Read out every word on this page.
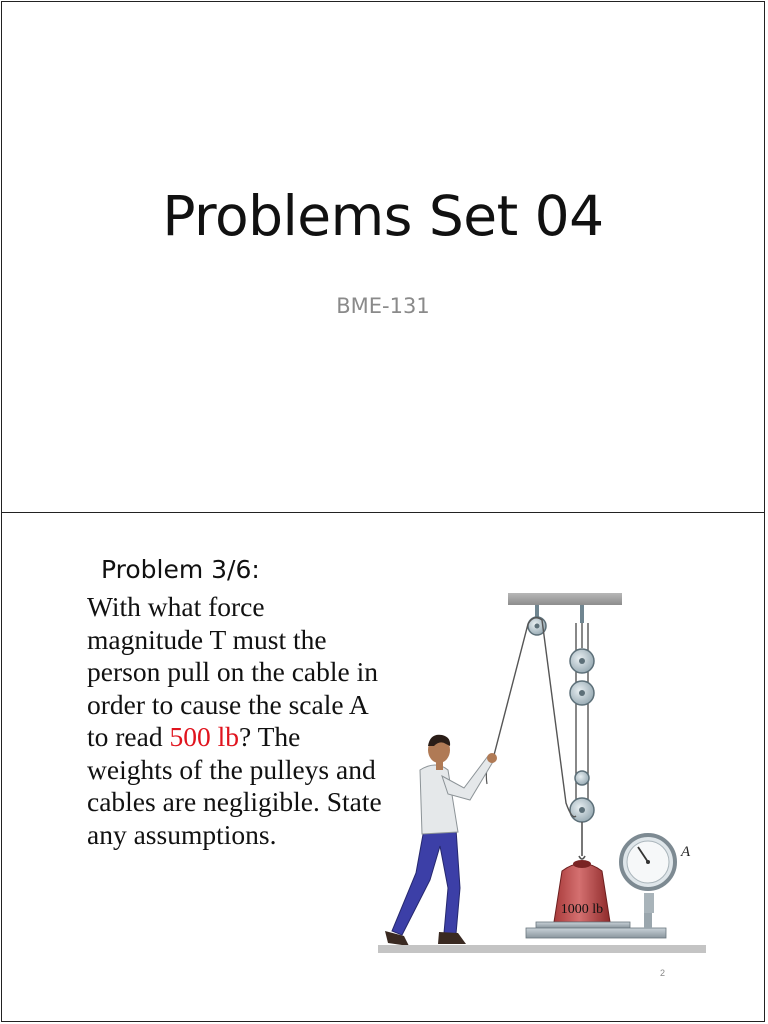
Problems Set 04
BME-131
Problem 3/6:
With what force magnitude T must the person pull on the cable in order to cause the scale A to read 500 lb? The weights of the pulleys and cables are negligible. State any assumptions.
1000 lb
A
2
